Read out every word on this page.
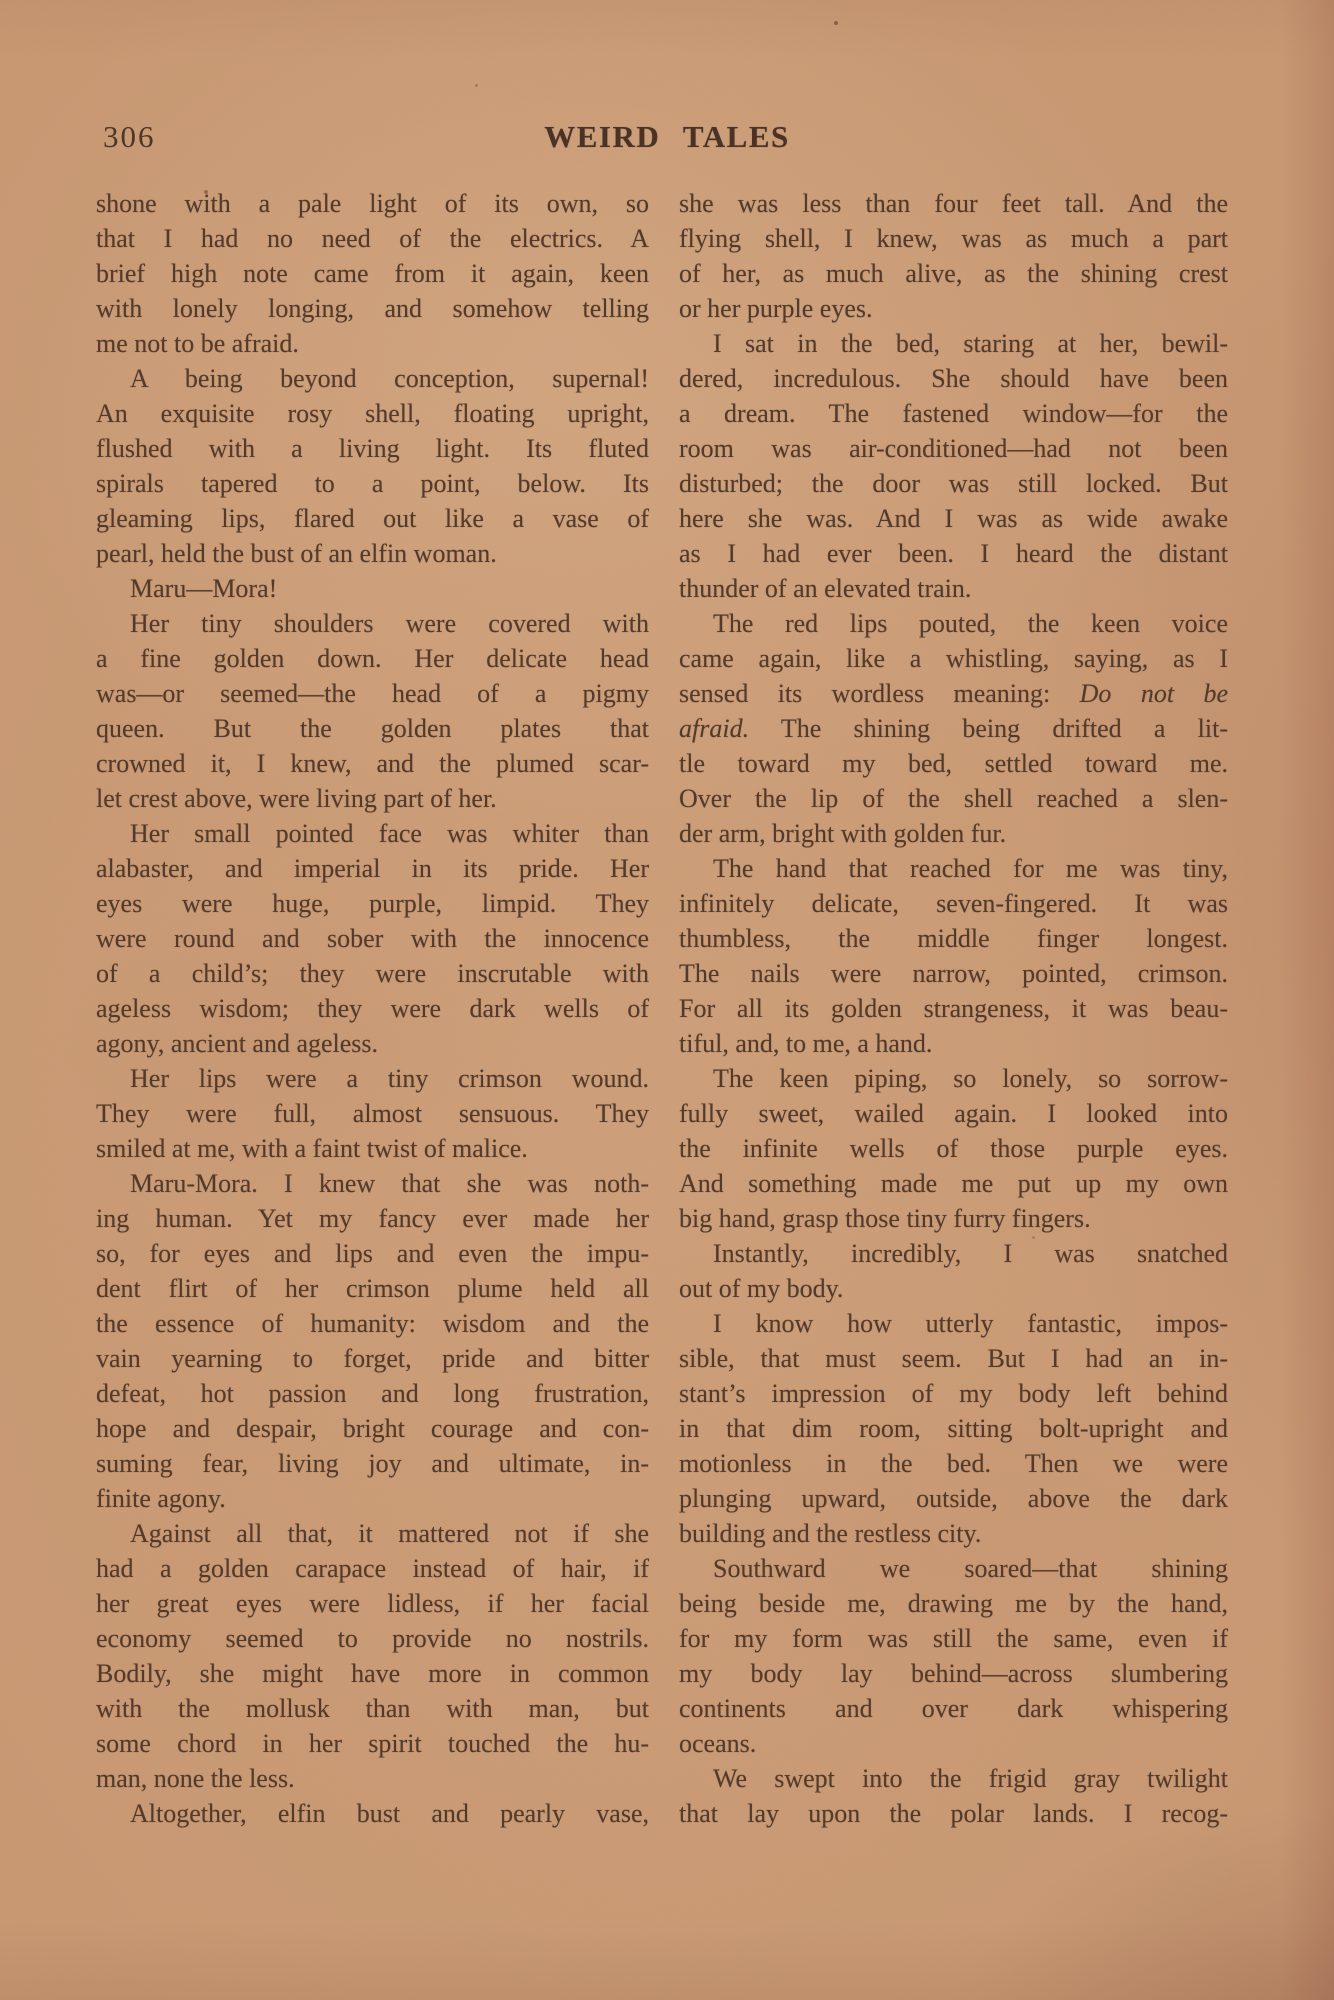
306	WEIRD TALES
shone with a pale light of its own, so
that I had no need of the electrics. A
brief high note came from it again, keen
with lonely longing, and somehow telling
me not to be afraid.
A being beyond conception, supernal!
An exquisite rosy shell, floating upright,
flushed with a living light. Its fluted
spirals tapered to a point, below. Its
gleaming lips, flared out like a vase of
pearl, held the bust of an elfin woman.
Maru—Mora!
Her tiny shoulders were covered with
a fine golden down. Her delicate head
was—or seemed—the head of a pigmy
queen. But the golden plates that
crowned it, I knew, and the plumed scar-
let crest above, were living part of her.
Her small pointed face was whiter than
alabaster, and imperial in its pride. Her
eyes were huge, purple, limpid. They
were round and sober with the innocence
of a child’s; they were inscrutable with
ageless wisdom; they were dark wells of
agony, ancient and ageless.
Her lips were a tiny crimson wound.
They were full, almost sensuous. They
smiled at me, with a faint twist of malice.
Maru-Mora. I knew that she was noth-
ing human. Yet my fancy ever made her
so, for eyes and lips and even the impu-
dent flirt of her crimson plume held all
the essence of humanity: wisdom and the
vain yearning to forget, pride and bitter
defeat, hot passion and long frustration,
hope and despair, bright courage and con-
suming fear, living joy and ultimate, in-
finite agony.
Against all that, it mattered not if she
had a golden carapace instead of hair, if
her great eyes were lidless, if her facial
economy seemed to provide no nostrils.
Bodily, she might have more in common
with the mollusk than with man, but
some chord in her spirit touched the hu-
man, none the less.
Altogether, elfin bust and pearly vase,
she was less than four feet tall. And the
flying shell, I knew, was as much a part
of her, as much alive, as the shining crest
or her purple eyes.
I sat in the bed, staring at her, bewil-
dered, incredulous. She should have been
a dream. The fastened window—for the
room was air-conditioned—had not been
disturbed; the door was still locked. But
here she was. And I was as wide awake
as I had ever been. I heard the distant
thunder of an elevated train.
The red lips pouted, the keen voice
came again, like a whistling, saying, as I
sensed its wordless meaning: Do not be
afraid. The shining being drifted a lit-
tle toward my bed, settled toward me.
Over the lip of the shell reached a slen-
der arm, bright with golden fur.
The hand that reached for me was tiny,
infinitely delicate, seven-fingered. It was
thumbless, the middle finger longest.
The nails were narrow, pointed, crimson.
For all its golden strangeness, it was beau-
tiful, and, to me, a hand.
The keen piping, so lonely, so sorrow-
fully sweet, wailed again. I looked into
the infinite wells of those purple eyes.
And something made me put up my own
big hand, grasp those tiny furry fingers.
Instantly, incredibly, I was snatched
out of my body.
I know how utterly fantastic, impos-
sible, that must seem. But I had an in-
stant’s impression of my body left behind
in that dim room, sitting bolt-upright and
motionless in the bed. Then we were
plunging upward, outside, above the dark
building and the restless city.
Southward we soared—that shining
being beside me, drawing me by the hand,
for my form was still the same, even if
my body lay behind—across slumbering
continents and over dark whispering
oceans.
We swept into the frigid gray twilight
that lay upon the polar lands. I recog-
